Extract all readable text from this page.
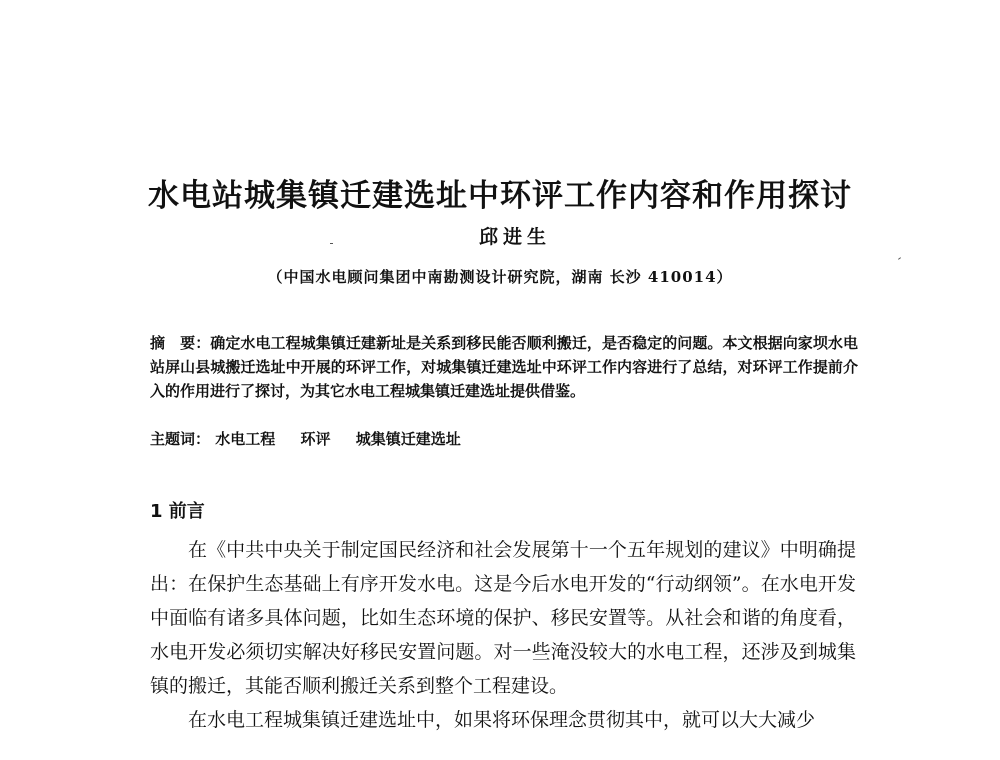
水电站城集镇迁建选址中环评工作内容和作用探讨
邱进生
（中国水电顾问集团中南勘测设计研究院，湖南 长沙 410014）
摘　要：确定水电工程城集镇迁建新址是关系到移民能否顺利搬迁，是否稳定的问题。本文根据向家坝水电站屏山县城搬迁选址中开展的环评工作，对城集镇迁建选址中环评工作内容进行了总结，对环评工作提前介入的作用进行了探讨，为其它水电工程城集镇迁建选址提供借鉴。
主题词： 水电工程 环评 城集镇迁建选址
1 前言

在《中共中央关于制定国民经济和社会发展第十一个五年规划的建议》中明确提出：在保护生态基础上有序开发水电。这是今后水电开发的“行动纲领”。在水电开发中面临有诸多具体问题，比如生态环境的保护、移民安置等。从社会和谐的角度看，水电开发必须切实解决好移民安置问题。对一些淹没较大的水电工程，还涉及到城集镇的搬迁，其能否顺利搬迁关系到整个工程建设。

在水电工程城集镇迁建选址中，如果将环保理念贯彻其中，就可以大大减少
